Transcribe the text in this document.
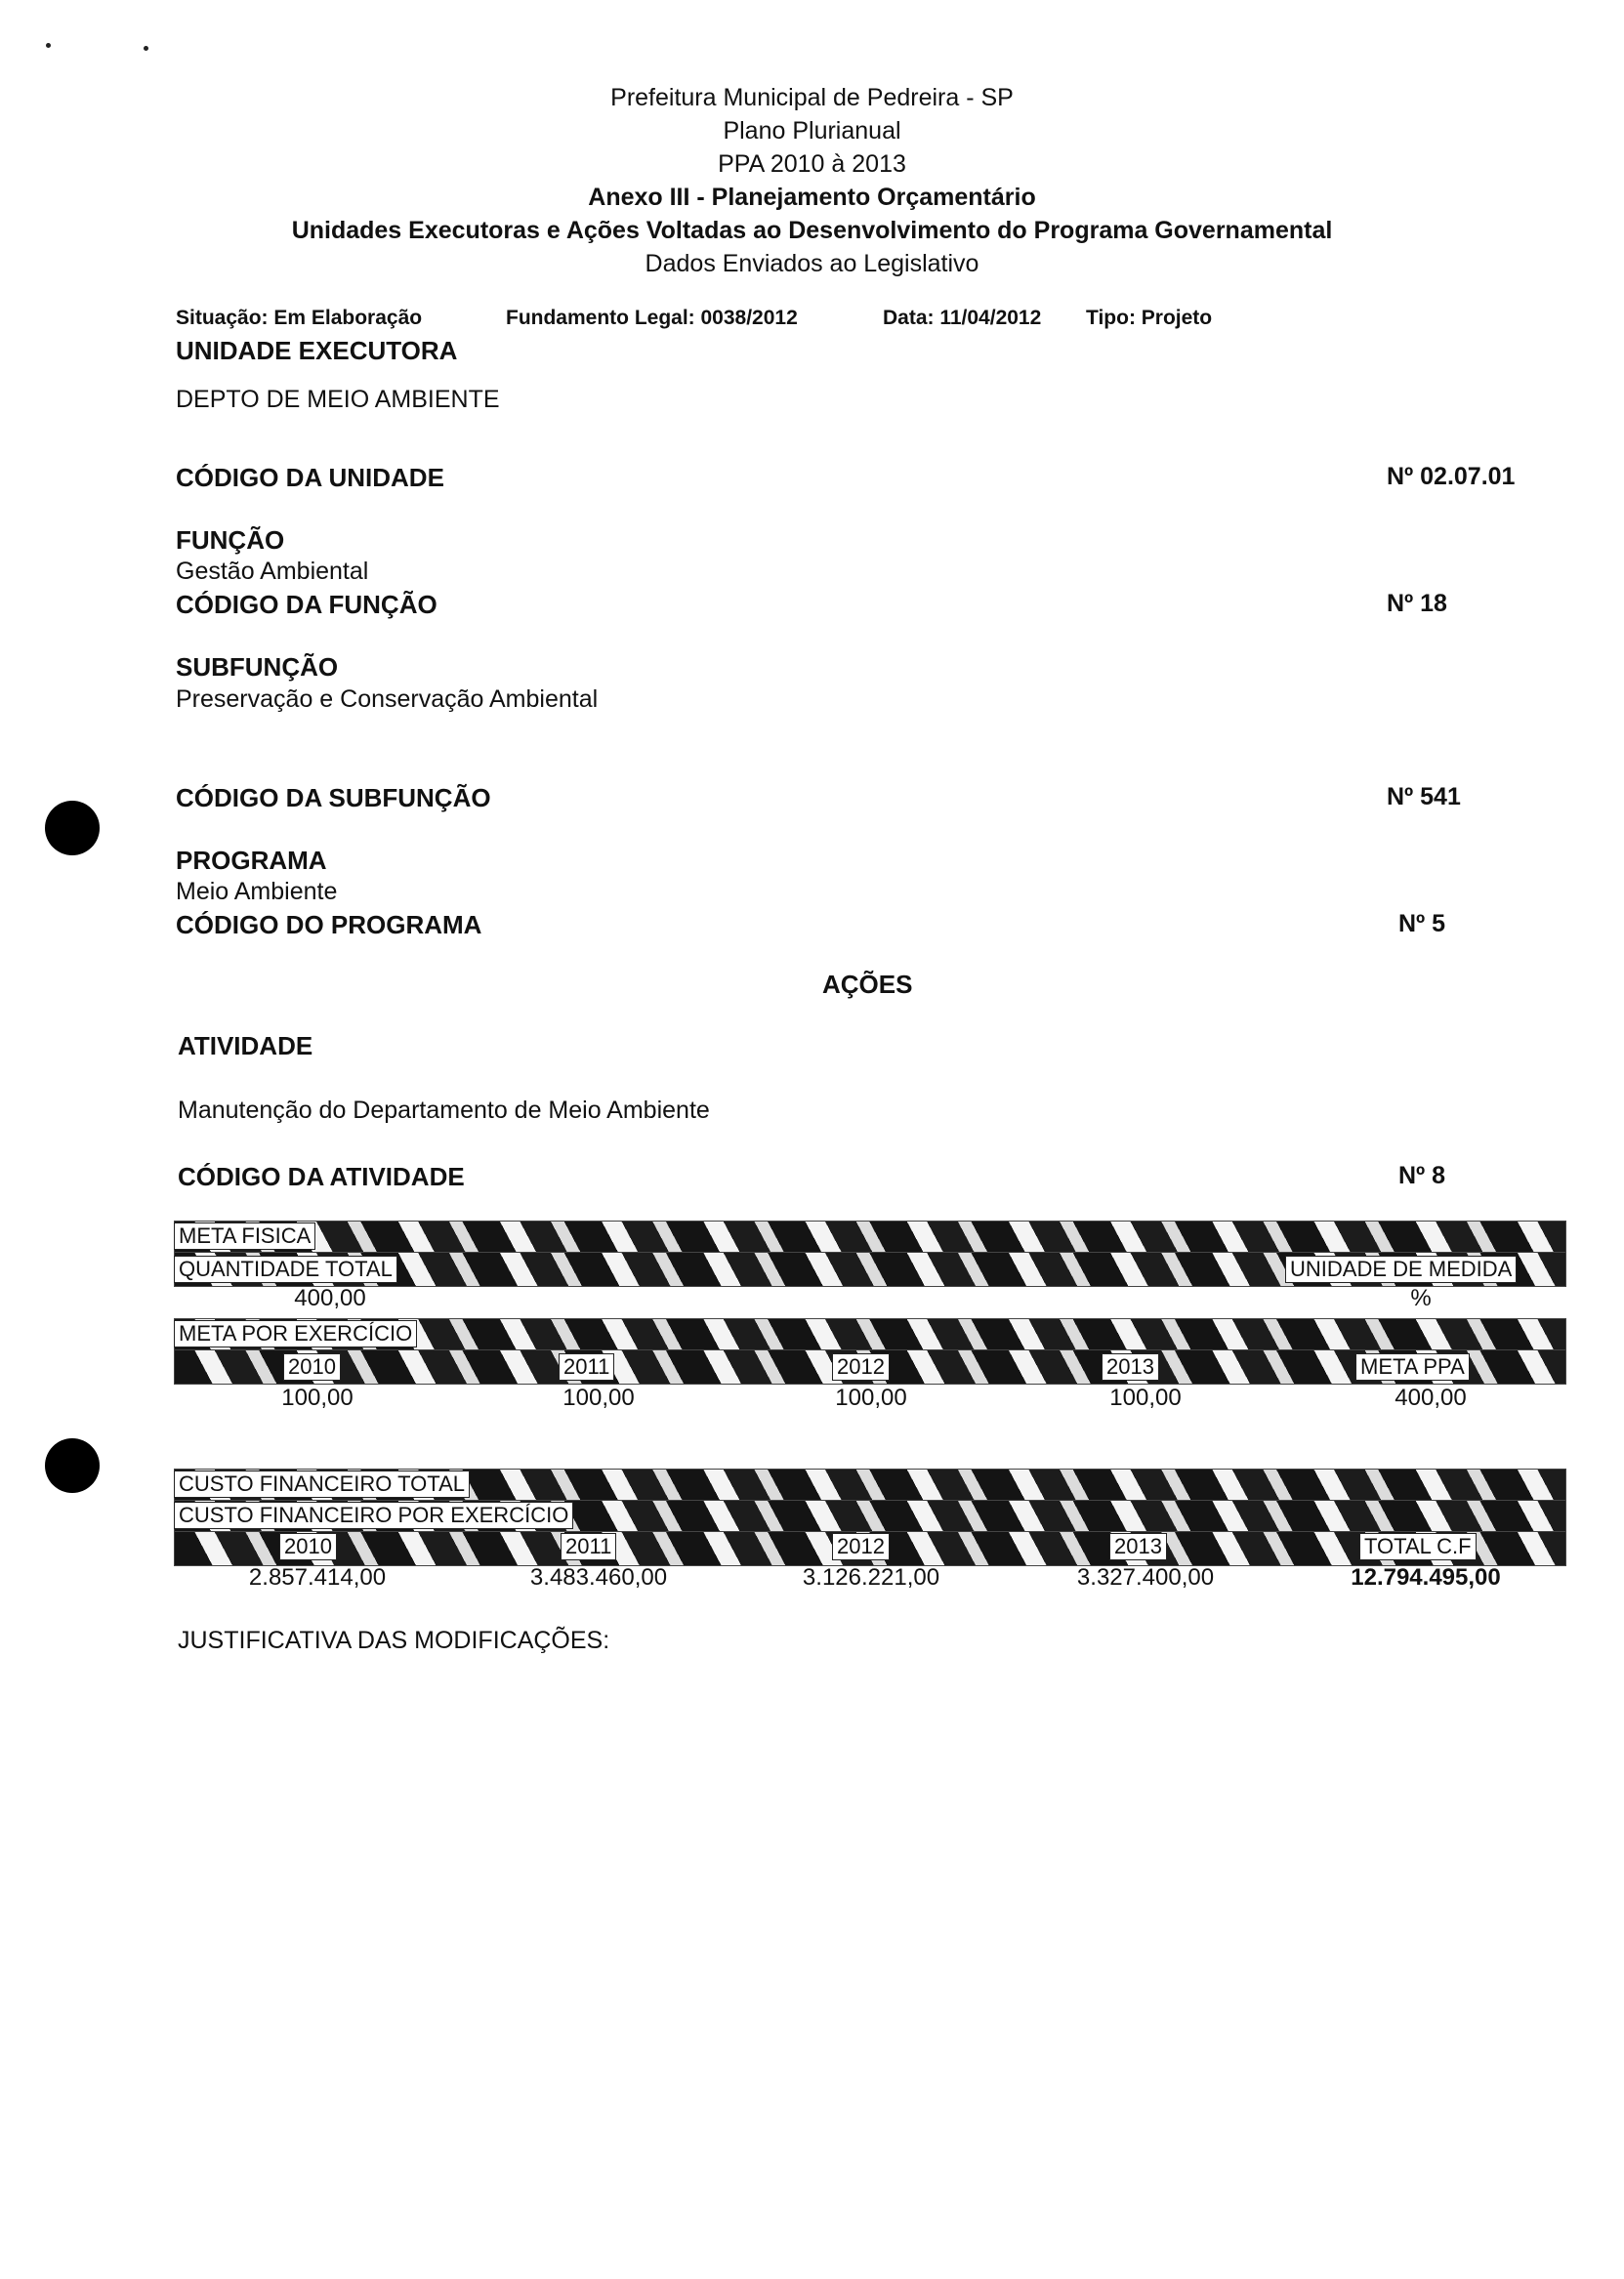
Prefeitura Municipal de Pedreira - SP
Plano Plurianual
PPA 2010 à 2013
Anexo III - Planejamento Orçamentário
Unidades Executoras e Ações Voltadas ao Desenvolvimento do Programa Governamental
Dados Enviados ao Legislativo
Situação: Em Elaboração	Fundamento Legal: 0038/2012	Data: 11/04/2012 Tipo: Projeto
UNIDADE EXECUTORA
DEPTO DE MEIO AMBIENTE
CÓDIGO DA UNIDADE	Nº 02.07.01
FUNÇÃO
Gestão Ambiental
CÓDIGO DA FUNÇÃO	Nº 18
SUBFUNÇÃO
Preservação e Conservação Ambiental
CÓDIGO DA SUBFUNÇÃO	Nº 541
PROGRAMA
Meio Ambiente
CÓDIGO DO PROGRAMA	Nº 5
AÇÕES
ATIVIDADE
Manutenção do Departamento de Meio Ambiente
CÓDIGO DA ATIVIDADE	Nº 8
META FISICA
QUANTIDADE TOTAL	UNIDADE DE MEDIDA
400,00	%
META POR EXERCÍCIO
2010	2011	2012	2013	META PPA
100,00	100,00	100,00	100,00	400,00
CUSTO FINANCEIRO TOTAL
CUSTO FINANCEIRO POR EXERCÍCIO
2010	2011	2012	2013	TOTAL C.F
2.857.414,00	3.483.460,00	3.126.221,00	3.327.400,00	12.794.495,00
JUSTIFICATIVA DAS MODIFICAÇÕES:
